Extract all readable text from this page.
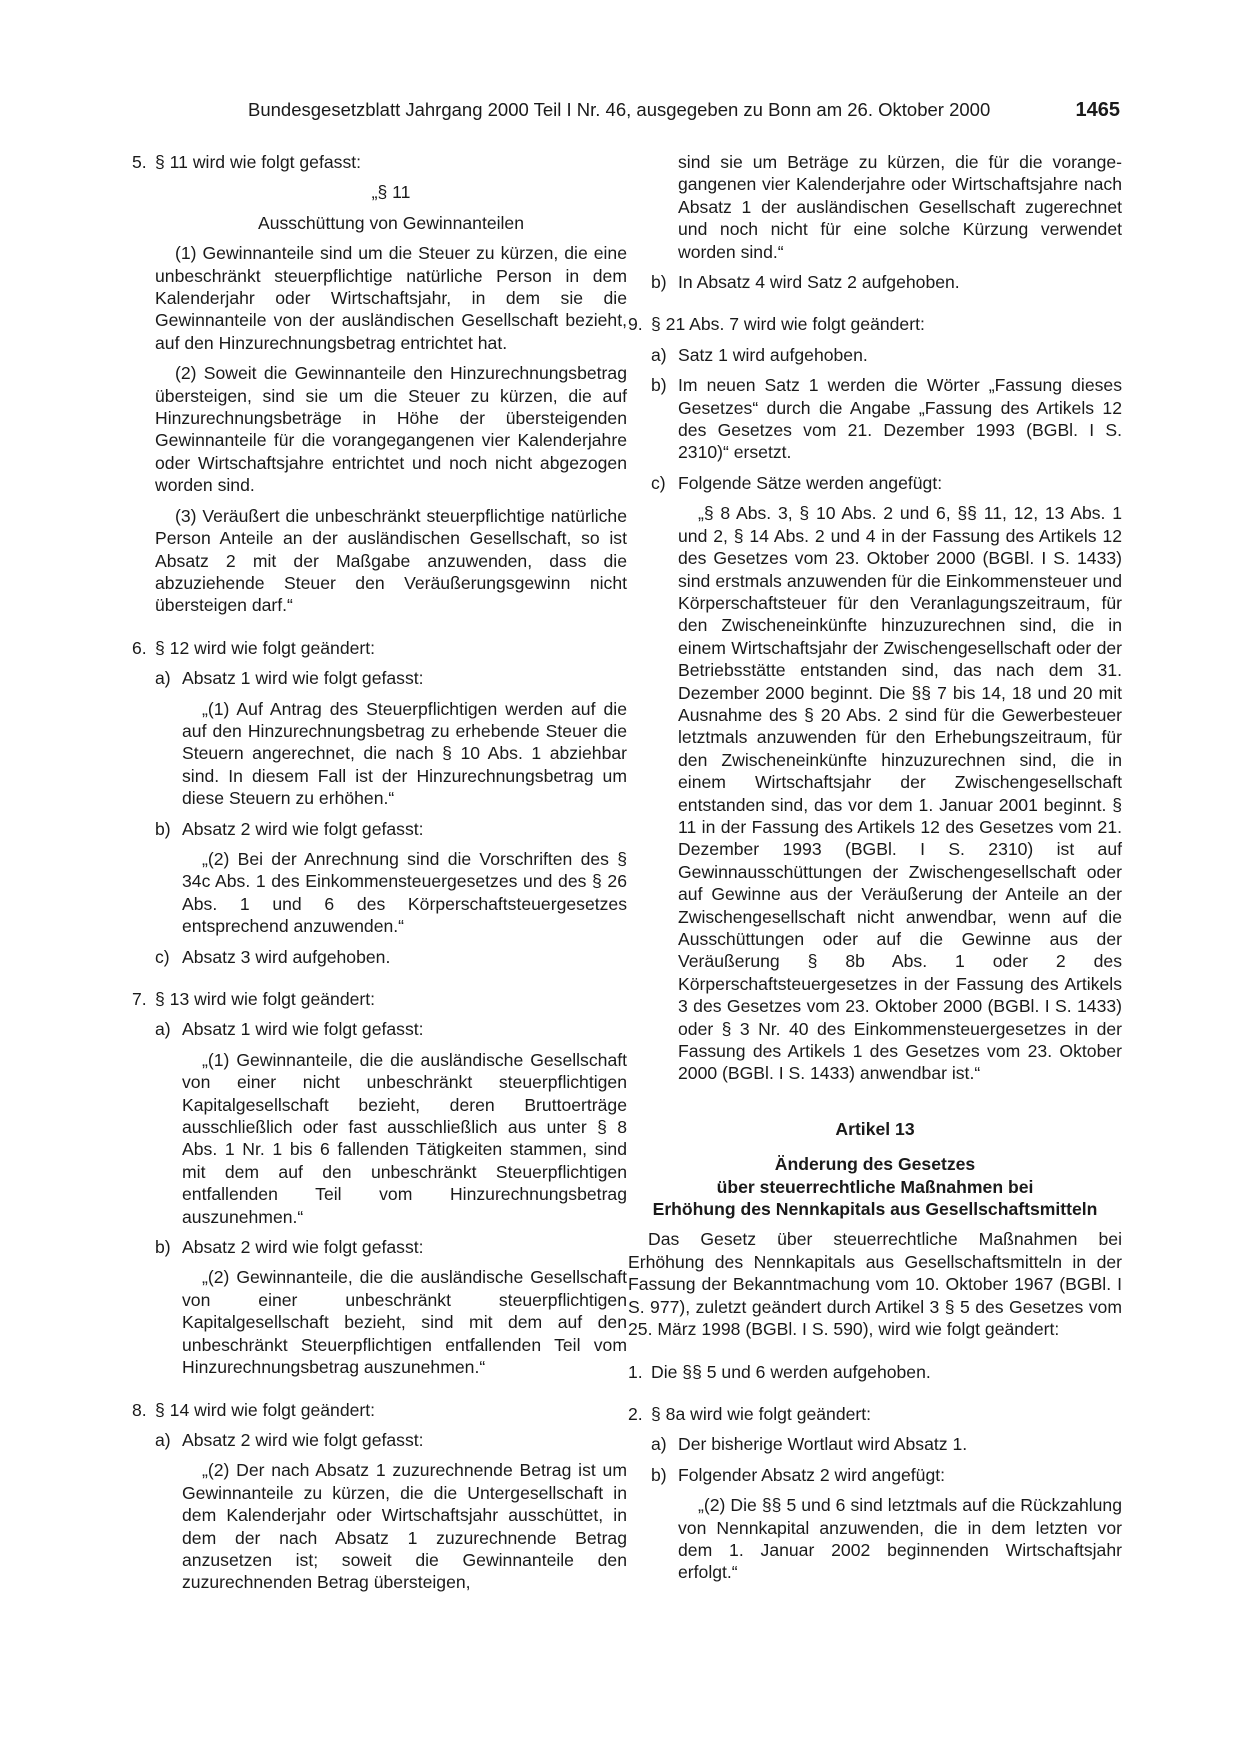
Bundesgesetzblatt Jahrgang 2000 Teil I Nr. 46, ausgegeben zu Bonn am 26. Oktober 2000	1465
5. § 11 wird wie folgt gefasst:

„§ 11

Ausschüttung von Gewinnanteilen

(1) Gewinnanteile sind um die Steuer zu kürzen, die eine unbeschränkt steuerpflichtige natürliche Person in dem Kalenderjahr oder Wirtschaftsjahr, in dem sie die Gewinnanteile von der ausländischen Gesellschaft bezieht, auf den Hinzurechnungsbetrag entrichtet hat.

(2) Soweit die Gewinnanteile den Hinzurechnungsbetrag übersteigen, sind sie um die Steuer zu kürzen, die auf Hinzurechnungsbeträge in Höhe der übersteigenden Gewinnanteile für die vorangegangenen vier Kalenderjahre oder Wirtschaftsjahre entrichtet und noch nicht abgezogen worden sind.

(3) Veräußert die unbeschränkt steuerpflichtige natürliche Person Anteile an der ausländischen Gesellschaft, so ist Absatz 2 mit der Maßgabe anzuwenden, dass die abzuziehende Steuer den Veräußerungsgewinn nicht übersteigen darf.“

6. § 12 wird wie folgt geändert:
a) Absatz 1 wird wie folgt gefasst:

„(1) Auf Antrag des Steuerpflichtigen werden auf die auf den Hinzurechnungsbetrag zu erhebende Steuer die Steuern angerechnet, die nach § 10 Abs. 1 abziehbar sind. In diesem Fall ist der Hinzurechnungsbetrag um diese Steuern zu erhöhen.“

b) Absatz 2 wird wie folgt gefasst:

„(2) Bei der Anrechnung sind die Vorschriften des § 34c Abs. 1 des Einkommensteuergesetzes und des § 26 Abs. 1 und 6 des Körperschaftsteuergesetzes entsprechend anzuwenden.“

c) Absatz 3 wird aufgehoben.
7. § 13 wird wie folgt geändert:
a) Absatz 1 wird wie folgt gefasst:

„(1) Gewinnanteile, die die ausländische Gesellschaft von einer nicht unbeschränkt steuerpflichtigen Kapitalgesellschaft bezieht, deren Bruttoerträge ausschließlich oder fast ausschließlich aus unter § 8 Abs. 1 Nr. 1 bis 6 fallenden Tätigkeiten stammen, sind mit dem auf den unbeschränkt Steuerpflichtigen entfallenden Teil vom Hinzurechnungsbetrag auszunehmen.“

b) Absatz 2 wird wie folgt gefasst:

„(2) Gewinnanteile, die die ausländische Gesellschaft von einer unbeschränkt steuerpflichtigen Kapitalgesellschaft bezieht, sind mit dem auf den unbeschränkt Steuerpflichtigen entfallenden Teil vom Hinzurechnungsbetrag auszunehmen.“

8. § 14 wird wie folgt geändert:
a) Absatz 2 wird wie folgt gefasst:

„(2) Der nach Absatz 1 zuzurechnende Betrag ist um Gewinnanteile zu kürzen, die die Untergesellschaft in dem Kalenderjahr oder Wirtschaftsjahr ausschüttet, in dem der nach Absatz 1 zuzurechnende Betrag anzusetzen ist; soweit die Gewinnanteile den zuzurechnenden Betrag übersteigen,

sind sie um Beträge zu kürzen, die für die vorangegangenen vier Kalenderjahre oder Wirtschaftsjahre nach Absatz 1 der ausländischen Gesellschaft zugerechnet und noch nicht für eine solche Kürzung verwendet worden sind.“

b) In Absatz 4 wird Satz 2 aufgehoben.
9. § 21 Abs. 7 wird wie folgt geändert:
a) Satz 1 wird aufgehoben.
b) Im neuen Satz 1 werden die Wörter „Fassung dieses Gesetzes“ durch die Angabe „Fassung des Artikels 12 des Gesetzes vom 21. Dezember 1993 (BGBl. I S. 2310)“ ersetzt.
c) Folgende Sätze werden angefügt:

„§ 8 Abs. 3, § 10 Abs. 2 und 6, §§ 11, 12, 13 Abs. 1 und 2, § 14 Abs. 2 und 4 in der Fassung des Artikels 12 des Gesetzes vom 23. Oktober 2000 (BGBl. I S. 1433) sind erstmals anzuwenden für die Einkommensteuer und Körperschaftsteuer für den Veranlagungszeitraum, für den Zwischeneinkünfte hinzuzurechnen sind, die in einem Wirtschaftsjahr der Zwischengesellschaft oder der Betriebsstätte entstanden sind, das nach dem 31. Dezember 2000 beginnt. Die §§ 7 bis 14, 18 und 20 mit Ausnahme des § 20 Abs. 2 sind für die Gewerbesteuer letztmals anzuwenden für den Erhebungszeitraum, für den Zwischeneinkünfte hinzuzurechnen sind, die in einem Wirtschaftsjahr der Zwischengesellschaft entstanden sind, das vor dem 1. Januar 2001 beginnt. § 11 in der Fassung des Artikels 12 des Gesetzes vom 21. Dezember 1993 (BGBl. I S. 2310) ist auf Gewinnausschüttungen der Zwischengesellschaft oder auf Gewinne aus der Veräußerung der Anteile an der Zwischengesellschaft nicht anwendbar, wenn auf die Ausschüttungen oder auf die Gewinne aus der Veräußerung § 8b Abs. 1 oder 2 des Körperschaftsteuergesetzes in der Fassung des Artikels 3 des Gesetzes vom 23. Oktober 2000 (BGBl. I S. 1433) oder § 3 Nr. 40 des Einkommensteuergesetzes in der Fassung des Artikels 1 des Gesetzes vom 23. Oktober 2000 (BGBl. I S. 1433) anwendbar ist.“

Artikel 13

Änderung des Gesetzes

über steuerrechtliche Maßnahmen bei

Erhöhung des Nennkapitals aus Gesellschaftsmitteln

Das Gesetz über steuerrechtliche Maßnahmen bei Erhöhung des Nennkapitals aus Gesellschaftsmitteln in der Fassung der Bekanntmachung vom 10. Oktober 1967 (BGBl. I S. 977), zuletzt geändert durch Artikel 3 § 5 des Gesetzes vom 25. März 1998 (BGBl. I S. 590), wird wie folgt geändert:

1. Die §§ 5 und 6 werden aufgehoben.
2. § 8a wird wie folgt geändert:
a) Der bisherige Wortlaut wird Absatz 1.
b) Folgender Absatz 2 wird angefügt:

„(2) Die §§ 5 und 6 sind letztmals auf die Rückzahlung von Nennkapital anzuwenden, die in dem letzten vor dem 1. Januar 2002 beginnenden Wirtschaftsjahr erfolgt.“
